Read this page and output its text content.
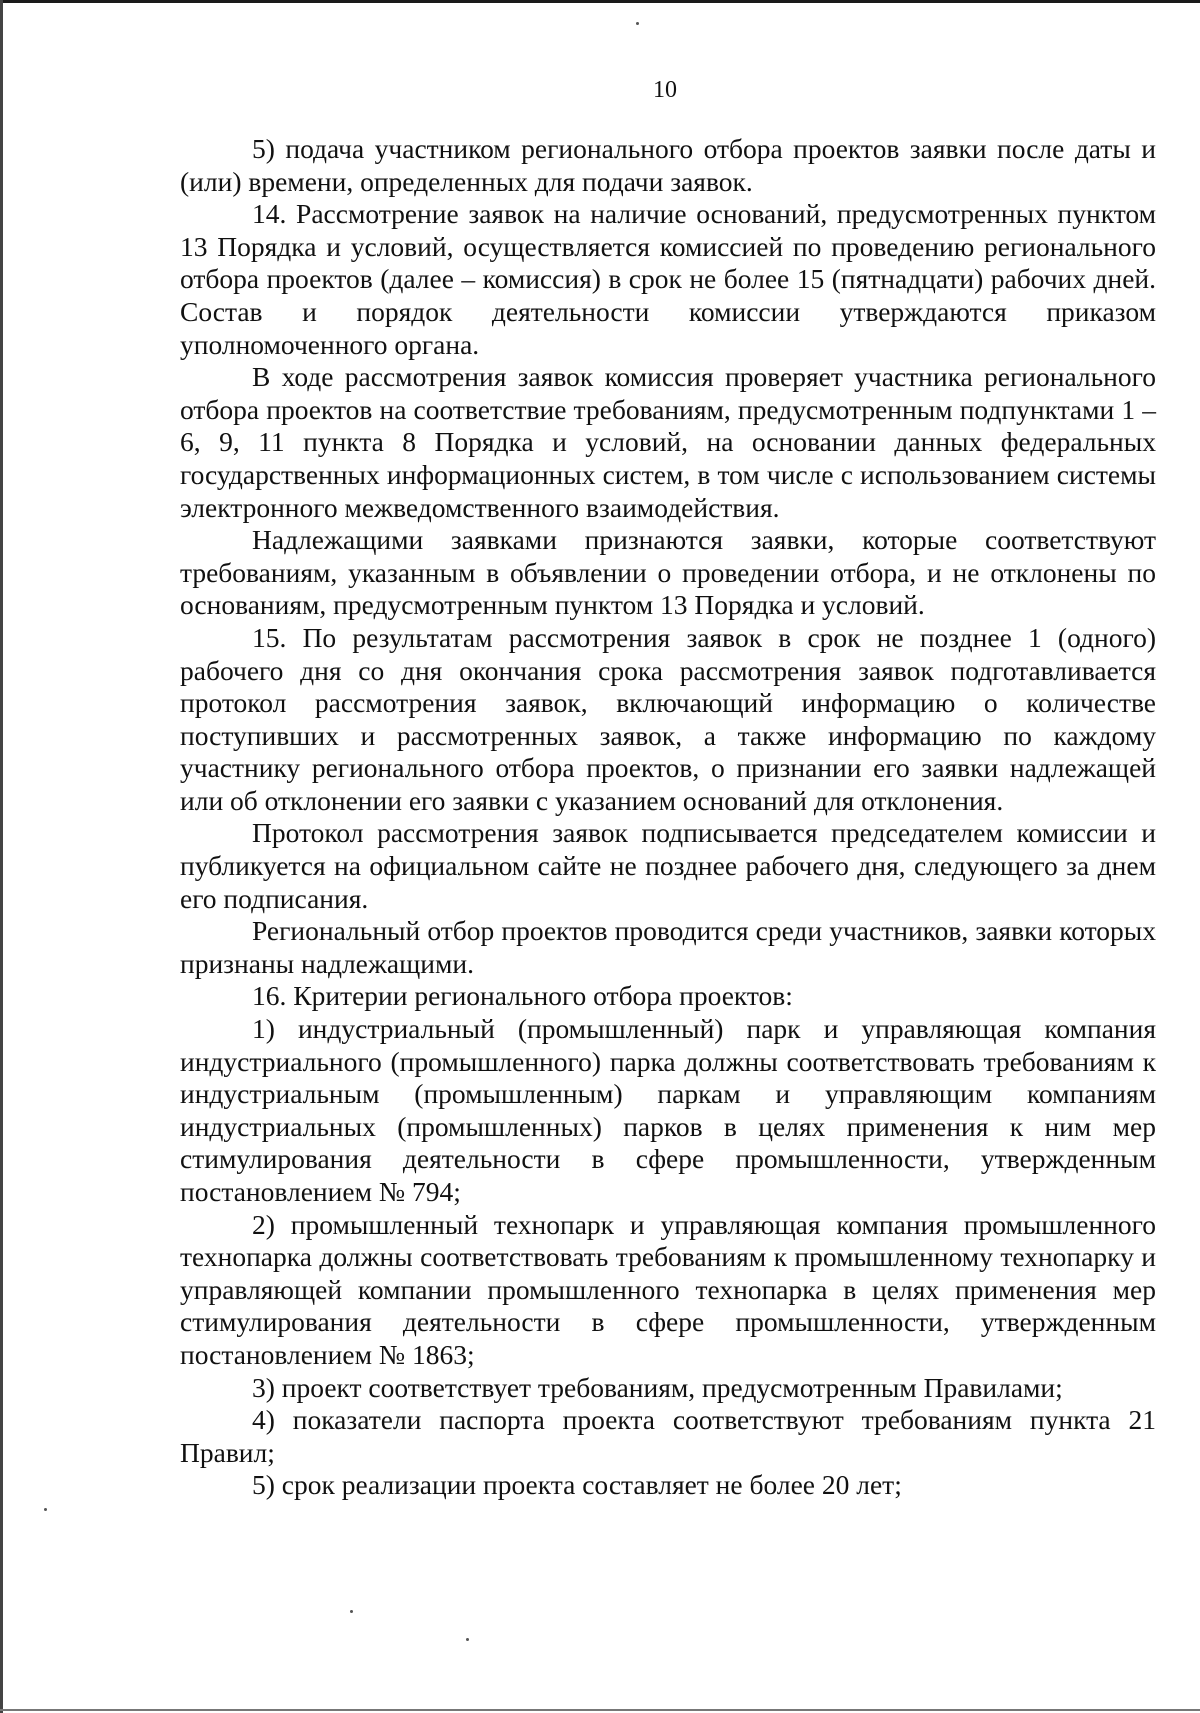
10

5) подача участником регионального отбора проектов заявки после даты и (или) времени, определенных для подачи заявок.

14. Рассмотрение заявок на наличие оснований, предусмотренных пунктом 13 Порядка и условий, осуществляется комиссией по проведению регионального отбора проектов (далее – комиссия) в срок не более 15 (пятнадцати) рабочих дней. Состав и порядок деятельности комиссии утверждаются приказом уполномоченного органа.

В ходе рассмотрения заявок комиссия проверяет участника регионального отбора проектов на соответствие требованиям, предусмотренным подпунктами 1 – 6, 9, 11 пункта 8 Порядка и условий, на основании данных федеральных государственных информационных систем, в том числе с использованием системы электронного межведомственного взаимодействия.

Надлежащими заявками признаются заявки, которые соответствуют требованиям, указанным в объявлении о проведении отбора, и не отклонены по основаниям, предусмотренным пунктом 13 Порядка и условий.

15. По результатам рассмотрения заявок в срок не позднее 1 (одного) рабочего дня со дня окончания срока рассмотрения заявок подготавливается протокол рассмотрения заявок, включающий информацию о количестве поступивших и рассмотренных заявок, а также информацию по каждому участнику регионального отбора проектов, о признании его заявки надлежащей или об отклонении его заявки с указанием оснований для отклонения.

Протокол рассмотрения заявок подписывается председателем комиссии и публикуется на официальном сайте не позднее рабочего дня, следующего за днем его подписания.

Региональный отбор проектов проводится среди участников, заявки которых признаны надлежащими.

16. Критерии регионального отбора проектов:

1) индустриальный (промышленный) парк и управляющая компания индустриального (промышленного) парка должны соответствовать требованиям к индустриальным (промышленным) паркам и управляющим компаниям индустриальных (промышленных) парков в целях применения к ним мер стимулирования деятельности в сфере промышленности, утвержденным постановлением № 794;

2) промышленный технопарк и управляющая компания промышленного технопарка должны соответствовать требованиям к промышленному технопарку и управляющей компании промышленного технопарка в целях применения мер стимулирования деятельности в сфере промышленности, утвержденным постановлением № 1863;

3) проект соответствует требованиям, предусмотренным Правилами;

4) показатели паспорта проекта соответствуют требованиям пункта 21 Правил;

5) срок реализации проекта составляет не более 20 лет;
